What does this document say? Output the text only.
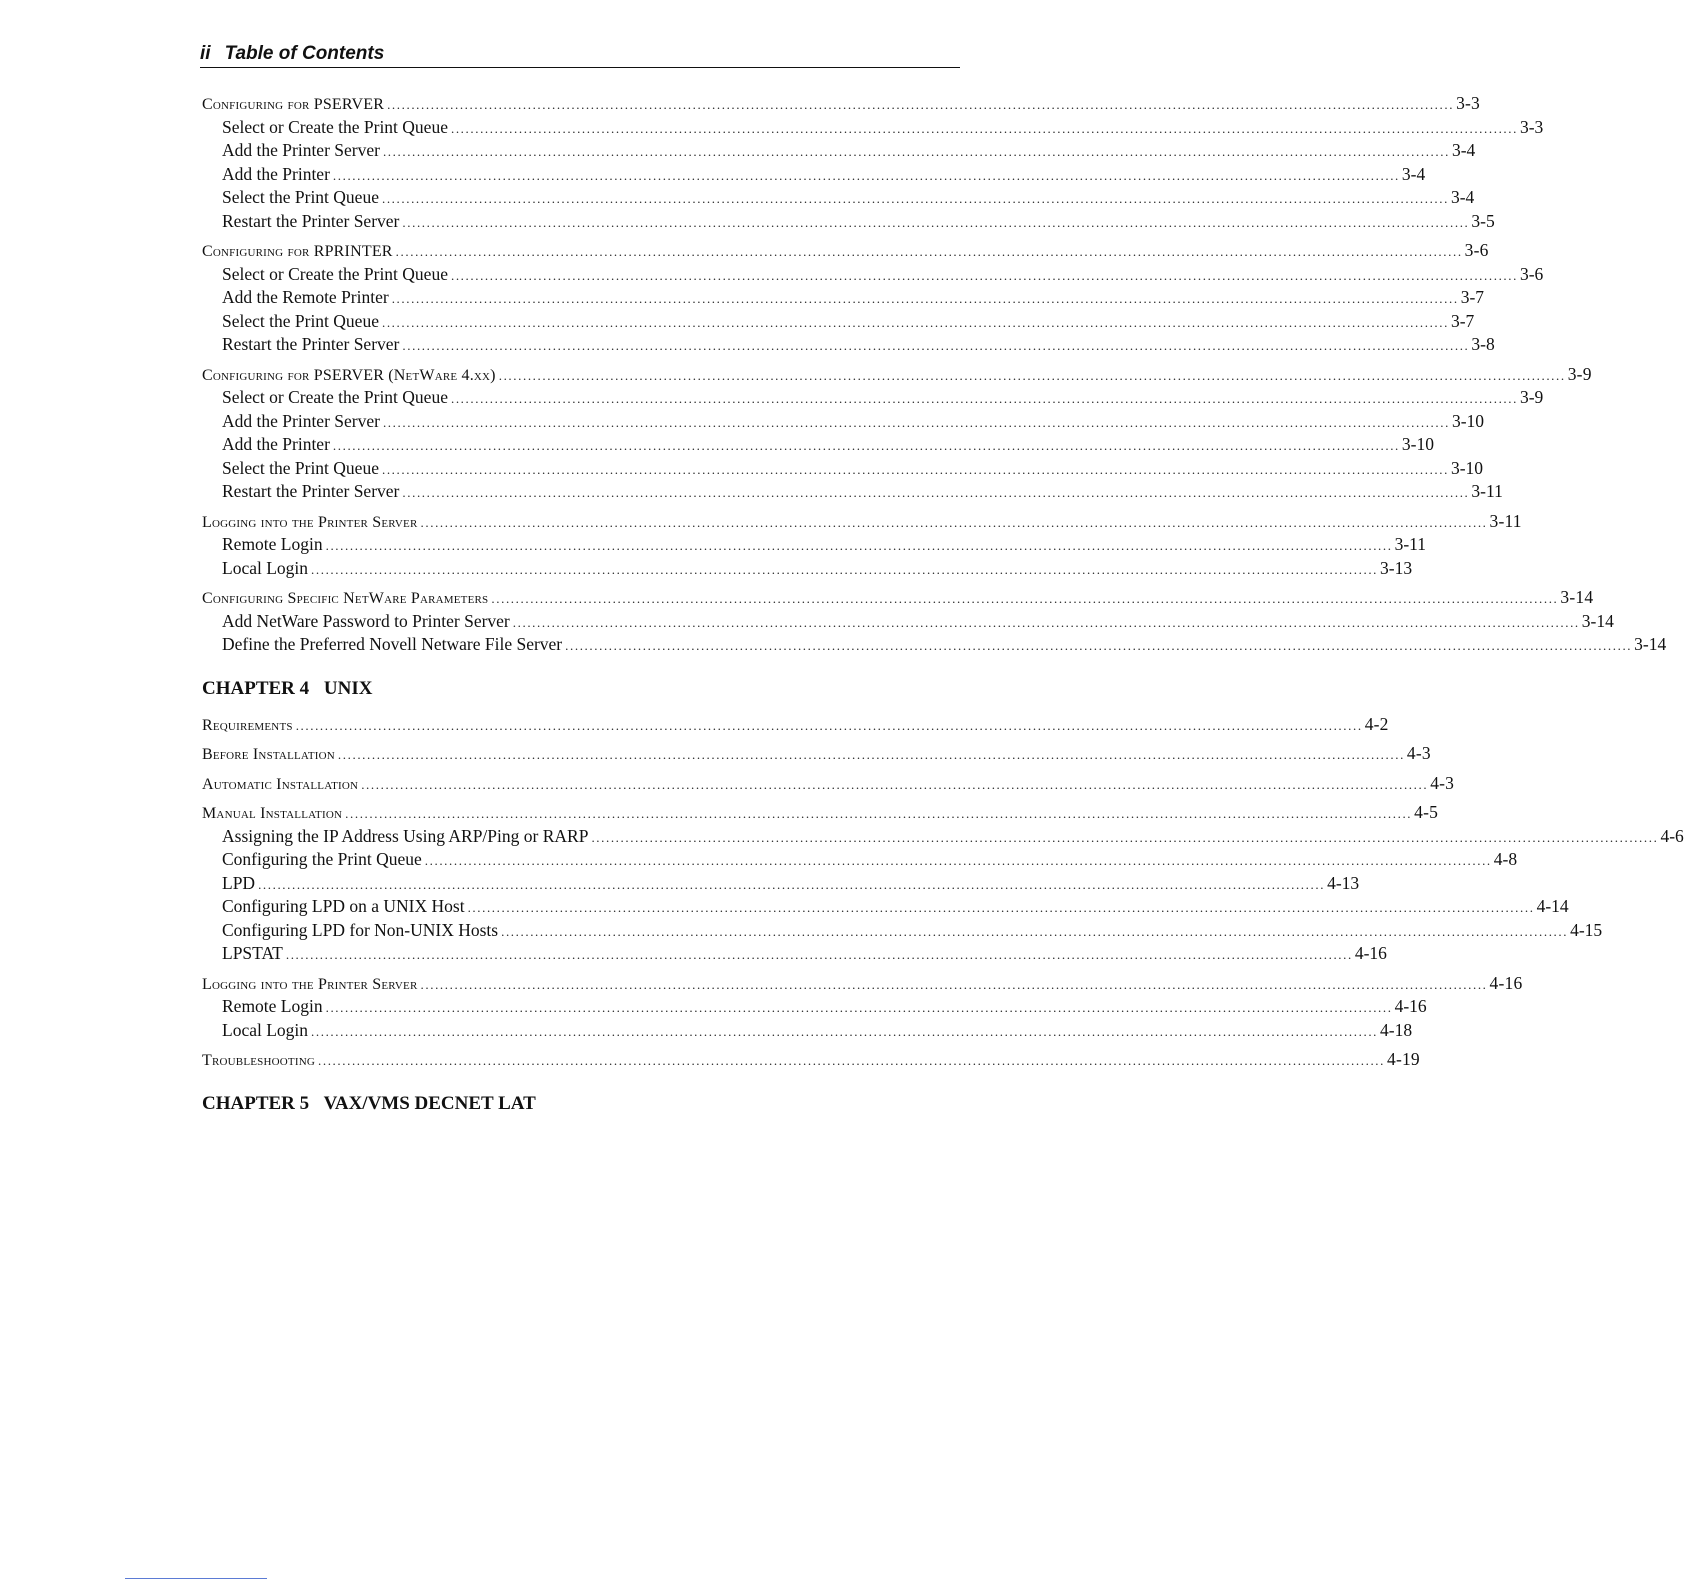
ii Table of Contents
Configuring for PSERVER ............................................................................................................................................................................................................................ 3-3
Select or Create the Print Queue ............................................................................................................................................................................................................................ 3-3
Add the Printer Server ............................................................................................................................................................................................................................ 3-4
Add the Printer ............................................................................................................................................................................................................................ 3-4
Select the Print Queue ............................................................................................................................................................................................................................ 3-4
Restart the Printer Server ............................................................................................................................................................................................................................ 3-5
Configuring for RPRINTER ............................................................................................................................................................................................................................ 3-6
Select or Create the Print Queue ............................................................................................................................................................................................................................ 3-6
Add the Remote Printer ............................................................................................................................................................................................................................ 3-7
Select the Print Queue ............................................................................................................................................................................................................................ 3-7
Restart the Printer Server ............................................................................................................................................................................................................................ 3-8
Configuring for PSERVER (NetWare 4.xx) ............................................................................................................................................................................................................................ 3-9
Select or Create the Print Queue ............................................................................................................................................................................................................................ 3-9
Add the Printer Server ............................................................................................................................................................................................................................ 3-10
Add the Printer ............................................................................................................................................................................................................................ 3-10
Select the Print Queue ............................................................................................................................................................................................................................ 3-10
Restart the Printer Server ............................................................................................................................................................................................................................ 3-11
Logging into the Printer Server ............................................................................................................................................................................................................................ 3-11
Remote Login ............................................................................................................................................................................................................................ 3-11
Local Login ............................................................................................................................................................................................................................ 3-13
Configuring Specific NetWare Parameters ............................................................................................................................................................................................................................ 3-14
Add NetWare Password to Printer Server ............................................................................................................................................................................................................................ 3-14
Define the Preferred Novell Netware File Server ............................................................................................................................................................................................................................ 3-14
CHAPTER 4 UNIX
Requirements ............................................................................................................................................................................................................................ 4-2
Before Installation ............................................................................................................................................................................................................................ 4-3
Automatic Installation ............................................................................................................................................................................................................................ 4-3
Manual Installation ............................................................................................................................................................................................................................ 4-5
Assigning the IP Address Using ARP/Ping or RARP ............................................................................................................................................................................................................................ 4-6
Configuring the Print Queue ............................................................................................................................................................................................................................ 4-8
LPD ............................................................................................................................................................................................................................ 4-13
Configuring LPD on a UNIX Host ............................................................................................................................................................................................................................ 4-14
Configuring LPD for Non-UNIX Hosts ............................................................................................................................................................................................................................ 4-15
LPSTAT ............................................................................................................................................................................................................................ 4-16
Logging into the Printer Server ............................................................................................................................................................................................................................ 4-16
Remote Login ............................................................................................................................................................................................................................ 4-16
Local Login ............................................................................................................................................................................................................................ 4-18
Troubleshooting ............................................................................................................................................................................................................................ 4-19
CHAPTER 5 VAX/VMS DECNET LAT
